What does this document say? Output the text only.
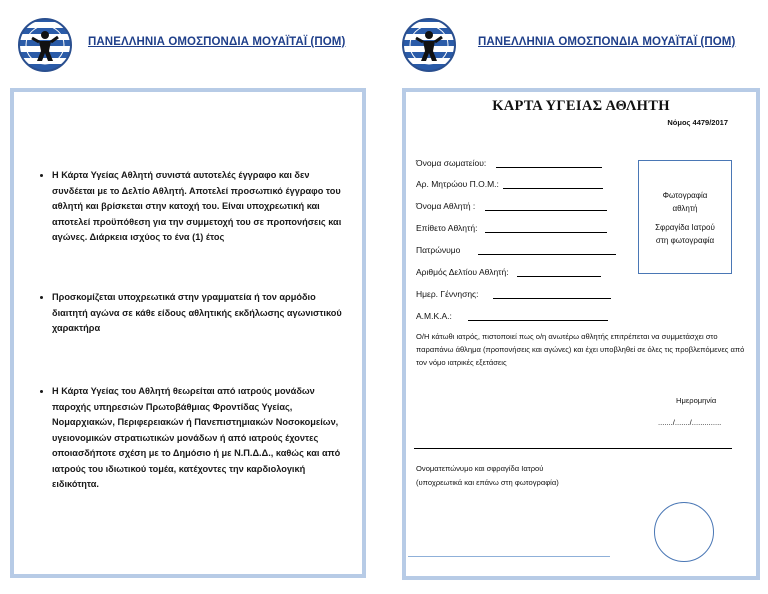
ΠΑΝΕΛΛΗΝΙΑ ΟΜΟΣΠΟΝΔΙΑ ΜΟΥΑΪΤΑΪ (ΠΟΜ)
• Η Κάρτα Υγείας Αθλητή συνιστά αυτοτελές έγγραφο και δεν συνδέεται με το Δελτίο Αθλητή. Αποτελεί προσωπικό έγγραφο του αθλητή και βρίσκεται στην κατοχή του. Είναι υποχρεωτική και αποτελεί προϋπόθεση για την συμμετοχή του σε προπονήσεις και αγώνες. Διάρκεια ισχύος το ένα (1) έτος
• Προσκομίζεται υποχρεωτικά στην γραμματεία ή τον αρμόδιο διαιτητή αγώνα σε κάθε είδους αθλητικής εκδήλωσης αγωνιστικού χαρακτήρα
• Η Κάρτα Υγείας του Αθλητή θεωρείται από ιατρούς μονάδων παροχής υπηρεσιών Πρωτοβάθμιας Φροντίδας Υγείας, Νομαρχιακών, Περιφερειακών ή Πανεπιστημιακών Νοσοκομείων, υγειονομικών στρατιωτικών μονάδων ή από ιατρούς έχοντες οποιασδήποτε σχέση με το Δημόσιο ή με Ν.Π.Δ.Δ., καθώς και από ιατρούς του ιδιωτικού τομέα, κατέχοντες την καρδιολογική ειδικότητα.
ΠΑΝΕΛΛΗΝΙΑ ΟΜΟΣΠΟΝΔΙΑ ΜΟΥΑΪΤΑΪ (ΠΟΜ)
ΚΑΡΤΑ ΥΓΕΙΑΣ ΑΘΛΗΤΗ
Νόμος 4479/2017
Όνομα σωματείου:
Αρ. Μητρώου Π.Ο.Μ.:
Όνομα Αθλητή :
Επίθετο Αθλητή:
Πατρώνυμο
Αριθμός Δελτίου Αθλητή:
Ημερ. Γέννησης:
Α.Μ.Κ.Α.:
Φωτογραφία
αθλητή
Σφραγίδα Ιατρού
στη φωτογραφία
Ο/Η κάτωθι ιατρός, πιστοποιεί πως ο/η ανωτέρω αθλητής επιτρέπεται να συμμετάσχει στο παραπάνω άθλημα (προπονήσεις και αγώνες) και έχει υποβληθεί σε όλες τις προβλεπόμενες από τον νόμο ιατρικές εξετάσεις
Ημερομηνία
......./......./..............
Ονοματεπώνυμο και σφραγίδα Ιατρού
(υποχρεωτικά και επάνω στη φωτογραφία)
